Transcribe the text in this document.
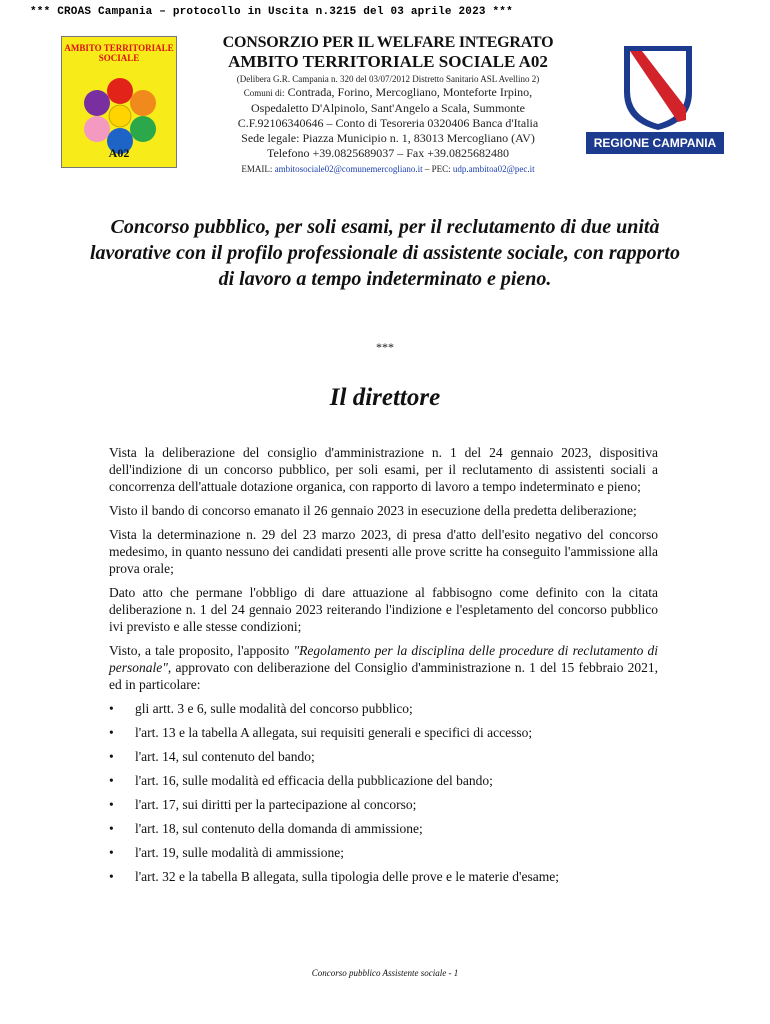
*** CROAS Campania – protocollo in Uscita n.3215 del 03 aprile 2023 ***
AMBITO TERRITORIALE SOCIALE
A02
CONSORZIO PER IL WELFARE INTEGRATO
AMBITO TERRITORIALE SOCIALE A02
(Delibera G.R. Campania n. 320 del 03/07/2012 Distretto Sanitario ASL Avellino 2)
Comuni di: Contrada, Forino, Mercogliano, Monteforte Irpino,
Ospedaletto D'Alpinolo, Sant'Angelo a Scala, Summonte
C.F.92106340646 – Conto di Tesoreria 0320406 Banca d'Italia
Sede legale: Piazza Municipio n. 1, 83013 Mercogliano (AV)
Telefono +39.0825689037 – Fax +39.0825682480
EMAIL: ambitosociale02@comunemercogliano.it – PEC: udp.ambitoa02@pec.it
REGIONE CAMPANIA
Concorso pubblico, per soli esami, per il reclutamento di due unità lavorative con il profilo professionale di assistente sociale, con rapporto di lavoro a tempo indeterminato e pieno.
***
Il direttore

Vista la deliberazione del consiglio d'amministrazione n. 1 del 24 gennaio 2023, dispositiva dell'indizione di un concorso pubblico, per soli esami, per il reclutamento di assistenti sociali a concorrenza dell'attuale dotazione organica, con rapporto di lavoro a tempo indeterminato e pieno;

Visto il bando di concorso emanato il 26 gennaio 2023 in esecuzione della predetta deliberazione;

Vista la determinazione n. 29 del 23 marzo 2023, di presa d'atto dell'esito negativo del concorso medesimo, in quanto nessuno dei candidati presenti alle prove scritte ha conseguito l'ammissione alla prova orale;

Dato atto che permane l'obbligo di dare attuazione al fabbisogno come definito con la citata deliberazione n. 1 del 24 gennaio 2023 reiterando l'indizione e l'espletamento del concorso pubblico ivi previsto e alle stesse condizioni;

Visto, a tale proposito, l'apposito "Regolamento per la disciplina delle procedure di reclutamento di personale", approvato con deliberazione del Consiglio d'amministrazione n. 1 del 15 febbraio 2021, ed in particolare:

• gli artt. 3 e 6, sulle modalità del concorso pubblico;
• l'art. 13 e la tabella A allegata, sui requisiti generali e specifici di accesso;
• l'art. 14, sul contenuto del bando;
• l'art. 16, sulle modalità ed efficacia della pubblicazione del bando;
• l'art. 17, sui diritti per la partecipazione al concorso;
• l'art. 18, sul contenuto della domanda di ammissione;
• l'art. 19, sulle modalità di ammissione;
• l'art. 32 e la tabella B allegata, sulla tipologia delle prove e le materie d'esame;
Concorso pubblico Assistente sociale - 1
